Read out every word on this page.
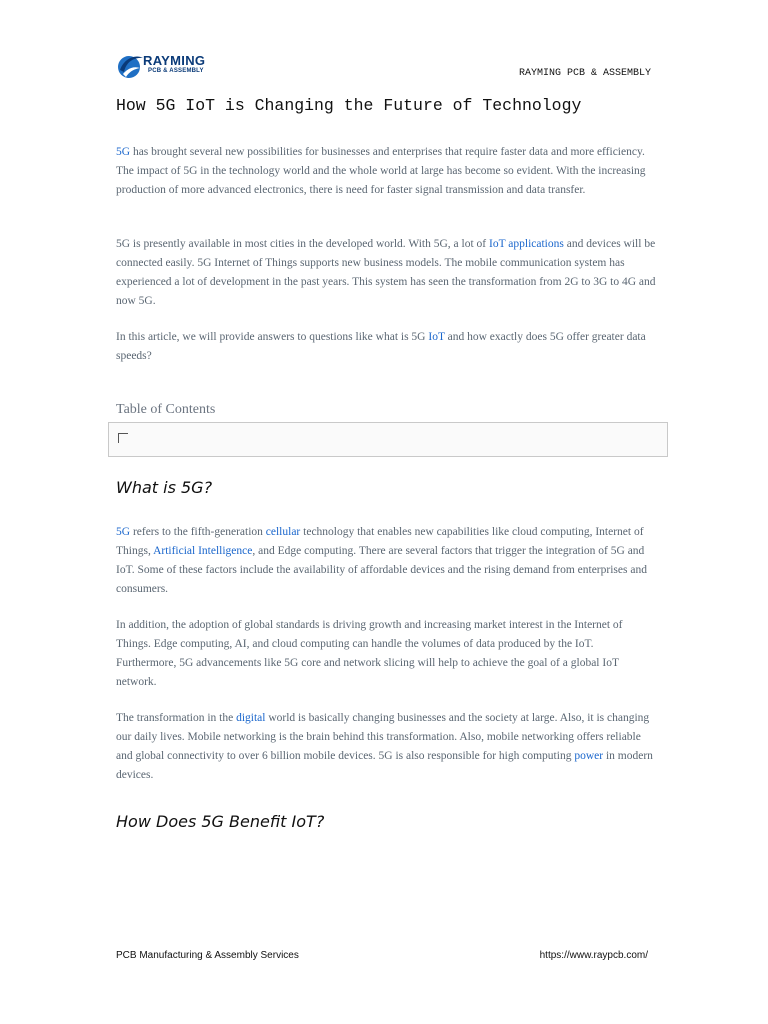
RAYMING
PCB & ASSEMBLY	RAYMING PCB & ASSEMBLY
How 5G IoT is Changing the Future of Technology

5G has brought several new possibilities for businesses and enterprises that require faster data and more efficiency. The impact of 5G in the technology world and the whole world at large has become so evident. With the increasing production of more advanced electronics, there is need for faster signal transmission and data transfer.

5G is presently available in most cities in the developed world. With 5G, a lot of IoT applications and devices will be connected easily. 5G Internet of Things supports new business models. The mobile communication system has experienced a lot of development in the past years. This system has seen the transformation from 2G to 3G to 4G and now 5G.

In this article, we will provide answers to questions like what is 5G IoT and how exactly does 5G offer greater data speeds?

Table of Contents
What is 5G?

5G refers to the fifth-generation cellular technology that enables new capabilities like cloud computing, Internet of Things, Artificial Intelligence, and Edge computing. There are several factors that trigger the integration of 5G and IoT. Some of these factors include the availability of affordable devices and the rising demand from enterprises and consumers.

In addition, the adoption of global standards is driving growth and increasing market interest in the Internet of Things. Edge computing, AI, and cloud computing can handle the volumes of data produced by the IoT. Furthermore, 5G advancements like 5G core and network slicing will help to achieve the goal of a global IoT network.

The transformation in the digital world is basically changing businesses and the society at large. Also, it is changing our daily lives. Mobile networking is the brain behind this transformation. Also, mobile networking offers reliable and global connectivity to over 6 billion mobile devices. 5G is also responsible for high computing power in modern devices.

How Does 5G Benefit IoT?
PCB Manufacturing & Assembly Services	https://www.raypcb.com/
